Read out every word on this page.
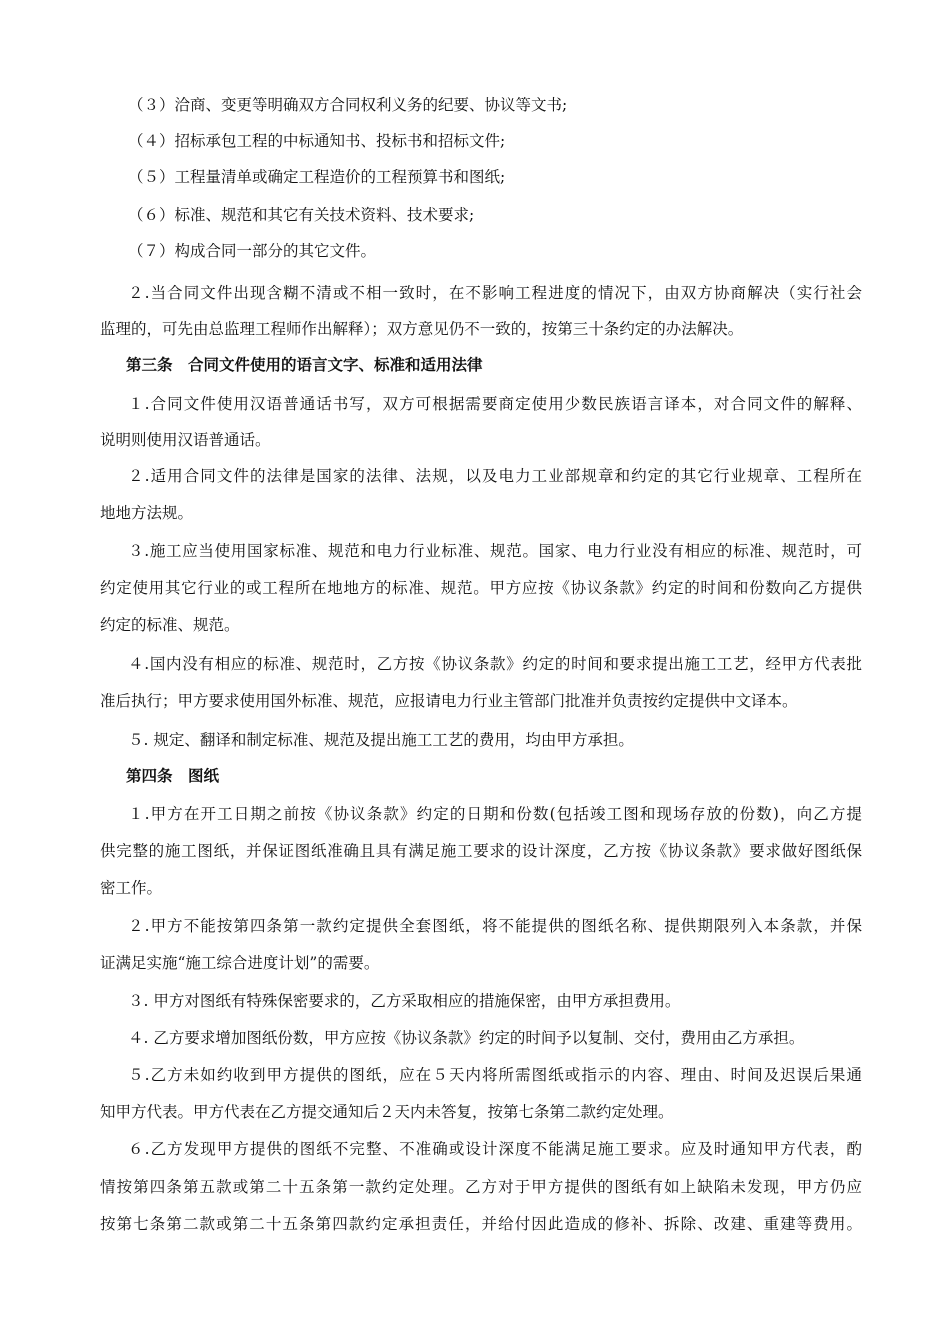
（３）洽商、变更等明确双方合同权利义务的纪要、协议等文书;
（４）招标承包工程的中标通知书、投标书和招标文件;
（５）工程量清单或确定工程造价的工程预算书和图纸;
（６）标准、规范和其它有关技术资料、技术要求;
（７）构成合同一部分的其它文件。
２.当合同文件出现含糊不清或不相一致时，在不影响工程进度的情况下，由双方协商解决（实行社会
监理的，可先由总监理工程师作出解释）；双方意见仍不一致的，按第三十条约定的办法解决。
第三条　合同文件使用的语言文字、标准和适用法律
１.合同文件使用汉语普通话书写，双方可根据需要商定使用少数民族语言译本，对合同文件的解释、
说明则使用汉语普通话。
２.适用合同文件的法律是国家的法律、法规，以及电力工业部规章和约定的其它行业规章、工程所在
地地方法规。
３.施工应当使用国家标准、规范和电力行业标准、规范。国家、电力行业没有相应的标准、规范时，可
约定使用其它行业的或工程所在地地方的标准、规范。甲方应按《协议条款》约定的时间和份数向乙方提供
约定的标准、规范。
４.国内没有相应的标准、规范时，乙方按《协议条款》约定的时间和要求提出施工工艺，经甲方代表批
准后执行；甲方要求使用国外标准、规范，应报请电力行业主管部门批准并负责按约定提供中文译本。
５. 规定、翻译和制定标准、规范及提出施工工艺的费用，均由甲方承担。
第四条　图纸
１.甲方在开工日期之前按《协议条款》约定的日期和份数(包括竣工图和现场存放的份数)，向乙方提
供完整的施工图纸，并保证图纸准确且具有满足施工要求的设计深度，乙方按《协议条款》要求做好图纸保
密工作。
２.甲方不能按第四条第一款约定提供全套图纸，将不能提供的图纸名称、提供期限列入本条款，并保
证满足实施“施工综合进度计划”的需要。
３. 甲方对图纸有特殊保密要求的，乙方采取相应的措施保密，由甲方承担费用。
４. 乙方要求增加图纸份数，甲方应按《协议条款》约定的时间予以复制、交付，费用由乙方承担。
５.乙方未如约收到甲方提供的图纸，应在５天内将所需图纸或指示的内容、理由、时间及迟误后果通
知甲方代表。甲方代表在乙方提交通知后２天内未答复，按第七条第二款约定处理。
６.乙方发现甲方提供的图纸不完整、不准确或设计深度不能满足施工要求。应及时通知甲方代表，酌
情按第四条第五款或第二十五条第一款约定处理。乙方对于甲方提供的图纸有如上缺陷未发现，甲方仍应
按第七条第二款或第二十五条第四款约定承担责任，并给付因此造成的修补、拆除、改建、重建等费用。
